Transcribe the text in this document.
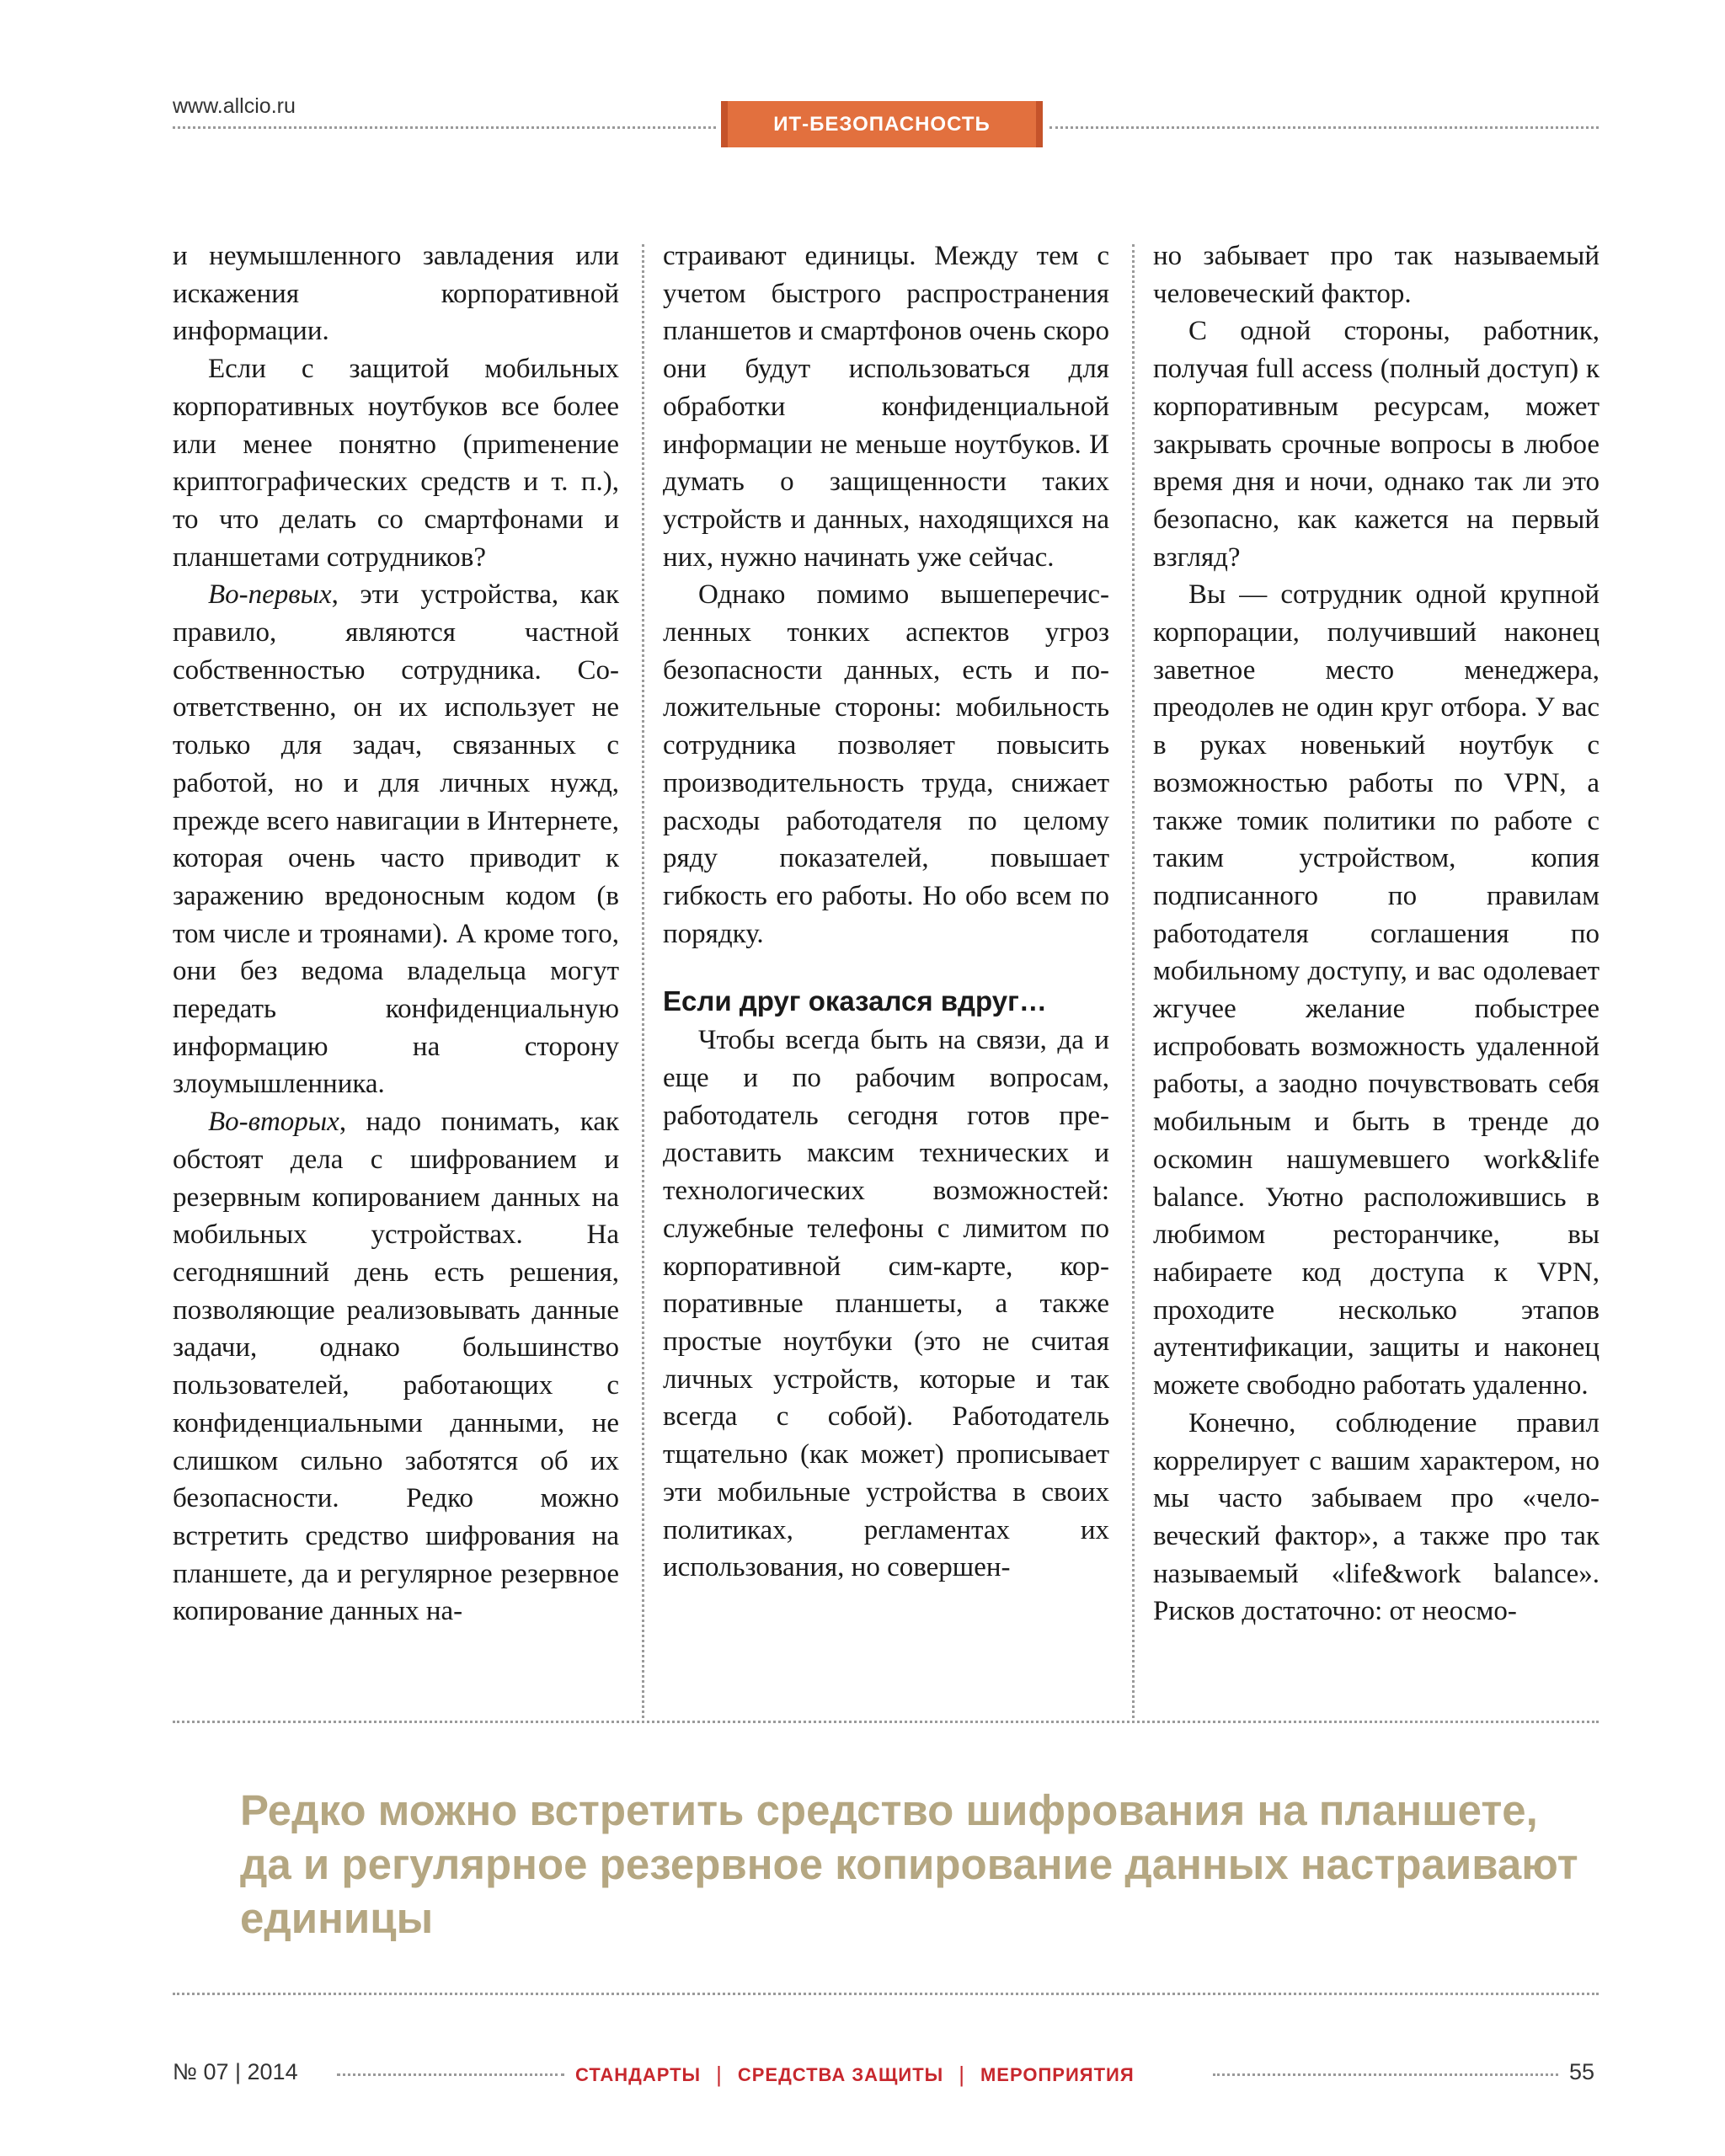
www.allcio.ru
ИТ-БЕЗОПАСНОСТЬ

и неумышленного завладения или искажения корпоративной информации.

Если с защитой мобильных корпоративных ноутбуков все более или менее понятно (приmенение криптографических средств и т. п.), то что делать со смартфонами и планшетами сотрудников?

Во-первых, эти устройства, как правило, являются частной собственностью сотрудника. Соответственно, он их использует не только для задач, связанных с работой, но и для личных нужд, прежде всего навигации в Интернете, которая очень часто приводит к заражению вредоносным кодом (в том числе и троянами). А кроме того, они без ведома владельца могут передать конфиденциальную информацию на сторону злоумышленника.

Во-вторых, надо понимать, как обстоят дела с шифрованием и резервным копированием данных на мобильных устройствах. На сегодняшний день есть решения, позволяющие реализовывать данные задачи, однако большинство пользователей, работающих с конфиденциальными данными, не слишком сильно заботятся об их безопасности. Редко можно встретить средство шифрования на планшете, да и регулярное резервное копирование данных на-

страивают единицы. Между тем с учетом быстрого распространения планшетов и смартфонов очень скоро они будут использоваться для обработки конфиденциальной информации не меньше ноутбуков. И думать о защищенности таких устройств и данных, находящихся на них, нужно начинать уже сейчас.

Однако помимо вышеперечисленных тонких аспектов угроз безопасности данных, есть и положительные стороны: мобильность сотрудника позволяет повысить производительность труда, снижает расходы работодателя по целому ряду показателей, повышает гибкость его работы. Но обо всем по порядку.

Если друг оказался вдруг…

Чтобы всегда быть на связи, да и еще и по рабочим вопросам, работодатель сегодня готов предоставить максим технических и технологических возможностей: служебные телефоны с лимитом по корпоративной сим-карте, корпоративные планшеты, а также простые ноутбуки (это не считая личных устройств, которые и так всегда с собой). Работодатель тщательно (как может) прописывает эти мобильные устройства в своих политиках, регламентах их использования, но совершен-

но забывает про так называемый человеческий фактор.

С одной стороны, работник, получая full access (полный доступ) к корпоративным ресурсам, может закрывать срочные вопросы в любое время дня и ночи, однако так ли это безопасно, как кажется на первый взгляд?

Вы — сотрудник одной крупной корпорации, получивший наконец заветное место менеджера, преодолев не один круг отбора. У вас в руках новенький ноутбук с возможностью работы по VPN, а также томик политики по работе с таким устройством, копия подписанного по правилам работодателя соглашения по мобильному доступу, и вас одолевает жгучее желание побыстрее испробовать возможность удаленной работы, а заодно почувствовать себя мобильным и быть в тренде до оскомин нашумевшего work&life balance. Уютно расположившись в любимом ресторанчике, вы набираете код доступа к VPN, проходите несколько этапов аутентификации, защиты и наконец можете свободно работать удаленно.

Конечно, соблюдение правил коррелирует с вашим характером, но мы часто забываем про «человеческий фактор», а также про так называемый «life&work balance». Рисков достаточно: от неосмо-

Редко можно встретить средство шифрования на планшете, да и регулярное резервное копирование данных настраивают единицы
№ 07 | 2014	СТАНДАРТЫ | СРЕДСТВА ЗАЩИТЫ | МЕРОПРИЯТИЯ	55
